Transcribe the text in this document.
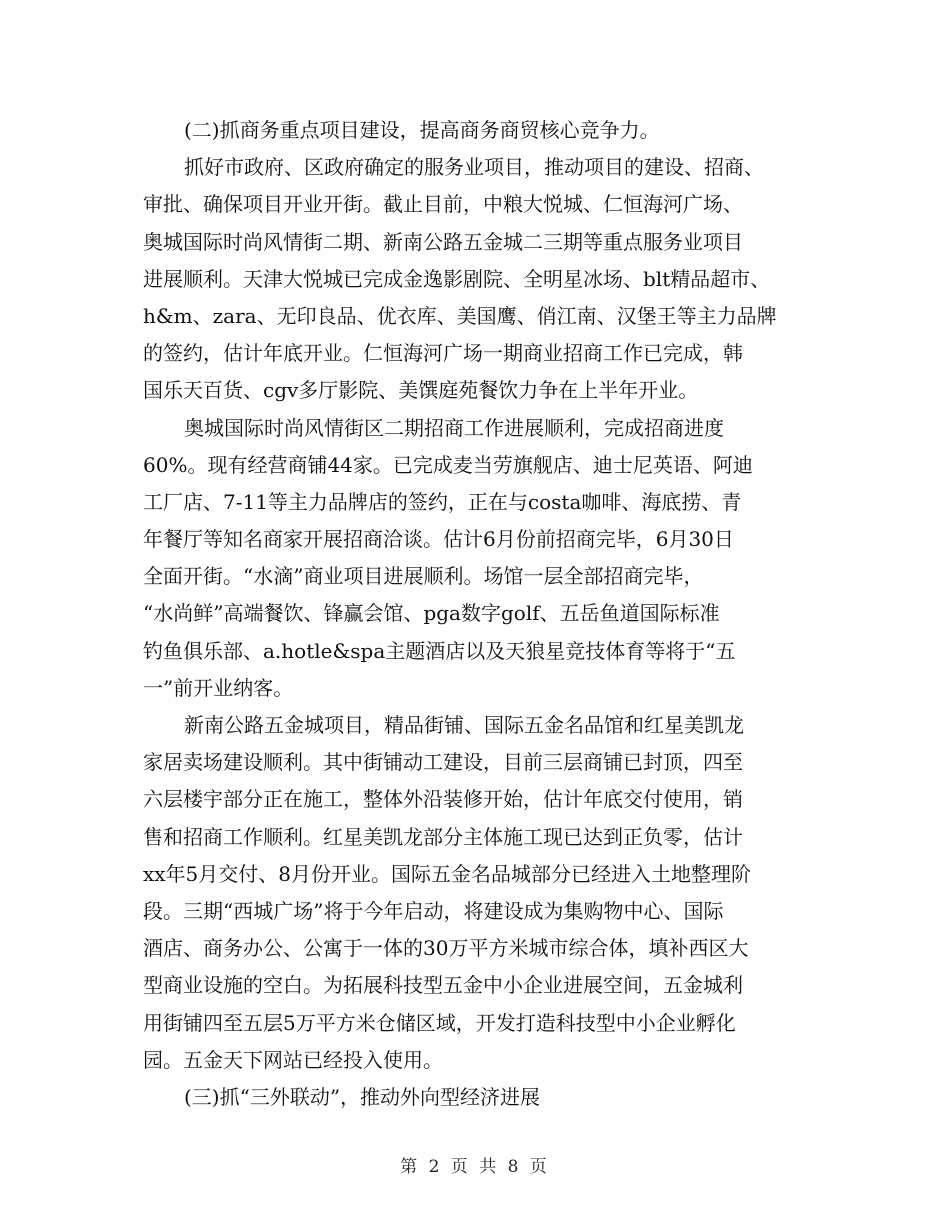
(二)抓商务重点项目建设，提高商务商贸核心竞争力。
抓好市政府、区政府确定的服务业项目，推动项目的建设、招商、
审批、确保项目开业开街。截止目前，中粮大悦城、仁恒海河广场、
奥城国际时尚风情街二期、新南公路五金城二三期等重点服务业项目
进展顺利。天津大悦城已完成金逸影剧院、全明星冰场、blt精品超市、
h&m、zara、无印良品、优衣库、美国鹰、俏江南、汉堡王等主力品牌
的签约，估计年底开业。仁恒海河广场一期商业招商工作已完成，韩
国乐天百货、cgv多厅影院、美馔庭苑餐饮力争在上半年开业。
奥城国际时尚风情街区二期招商工作进展顺利，完成招商进度
60%。现有经营商铺44家。已完成麦当劳旗舰店、迪士尼英语、阿迪
工厂店、7-11等主力品牌店的签约，正在与costa咖啡、海底捞、青
年餐厅等知名商家开展招商洽谈。估计6月份前招商完毕，6月30日
全面开街。“水滴”商业项目进展顺利。场馆一层全部招商完毕，
“水尚鲜”高端餐饮、锋赢会馆、pga数字golf、五岳鱼道国际标准
钓鱼俱乐部、a.hotle&spa主题酒店以及天狼星竞技体育等将于“五
一”前开业纳客。
新南公路五金城项目，精品街铺、国际五金名品馆和红星美凯龙
家居卖场建设顺利。其中街铺动工建设，目前三层商铺已封顶，四至
六层楼宇部分正在施工，整体外沿装修开始，估计年底交付使用，销
售和招商工作顺利。红星美凯龙部分主体施工现已达到正负零，估计
xx年5月交付、8月份开业。国际五金名品城部分已经进入土地整理阶
段。三期“西城广场”将于今年启动，将建设成为集购物中心、国际
酒店、商务办公、公寓于一体的30万平方米城市综合体，填补西区大
型商业设施的空白。为拓展科技型五金中小企业进展空间，五金城利
用街铺四至五层5万平方米仓储区域，开发打造科技型中小企业孵化
园。五金天下网站已经投入使用。
(三)抓“三外联动”，推动外向型经济进展
第 2 页 共 8 页
